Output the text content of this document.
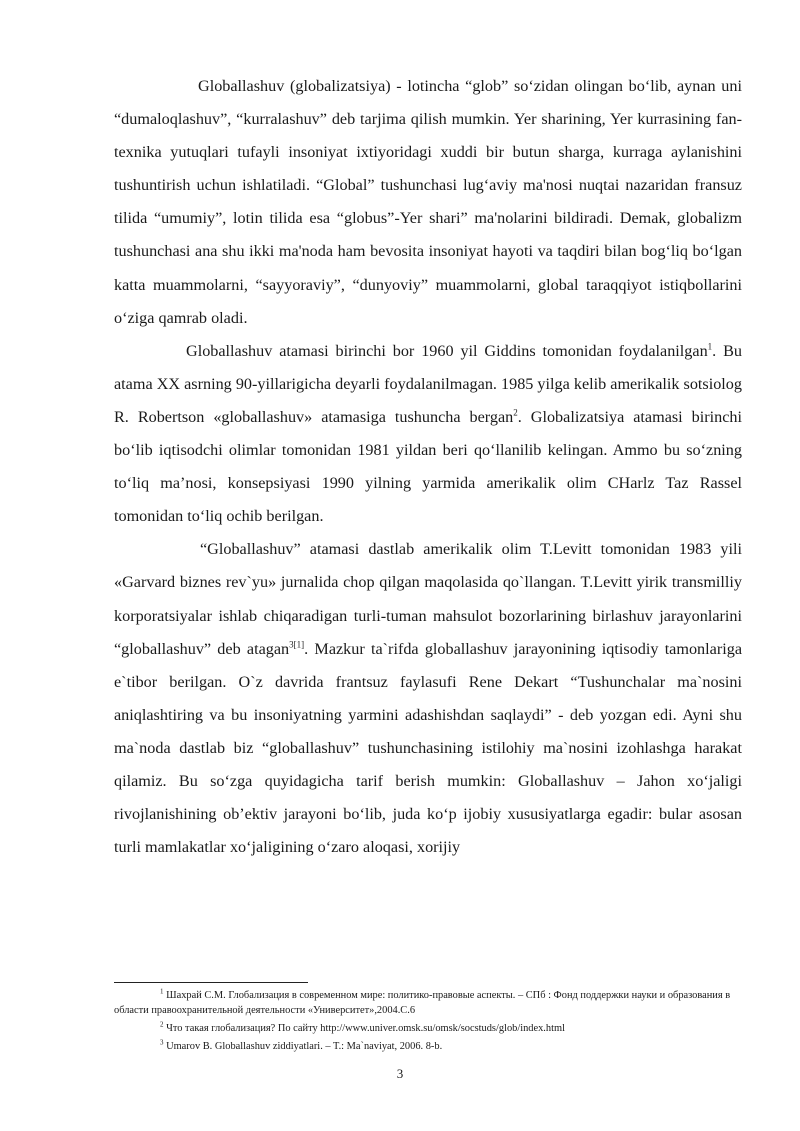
Globallashuv (globalizatsiya) - lotincha “glob” soʻzidan olingan boʻlib, aynan uni “dumaloqlashuv”, “kurralashuv” deb tarjima qilish mumkin. Yer sharining, Yer kurrasining fan-texnika yutuqlari tufayli insoniyat ixtiyoridagi xuddi bir butun sharga, kurraga aylanishini tushuntirish uchun ishlatiladi. “Global” tushunchasi lugʻaviy ma'nosi nuqtai nazaridan fransuz tilida “umumiy”, lotin tilida esa “globus”-Yer shari” ma'nolarini bildiradi. Demak, globalizm tushunchasi ana shu ikki ma'noda ham bevosita insoniyat hayoti va taqdiri bilan bogʻliq boʻlgan katta muammolarni, “sayyoraviy”, “dunyoviy” muammolarni, global taraqqiyot istiqbollarini oʻziga qamrab oladi.

Globallashuv atamasi birinchi bor 1960 yil Giddins tomonidan foydalanilgan$^1$. Bu atama XX asrning 90-yillarigicha deyarli foydalanilmagan. 1985 yilga kelib amerikalik sotsiolog R. Robertson «globallashuv» atamasiga tushuncha bergan$^2$. Globalizatsiya atamasi birinchi boʻlib iqtisodchi olimlar tomonidan 1981 yildan beri qoʻllanilib kelingan. Ammo bu soʻzning toʻliq maʼnosi, konsepsiyasi 1990 yilning yarmida amerikalik olim CHarlz Taz Rassel tomonidan toʻliq ochib berilgan.

“Globallashuv” atamasi dastlab amerikalik olim T.Levitt tomonidan 1983 yili «Garvard biznes rev`yu» jurnalida chop qilgan maqolasida qo`llangan. T.Levitt yirik transmilliy korporatsiyalar ishlab chiqaradigan turli-tuman mahsulot bozorlarining birlashuv jarayonlarini “globallashuv” deb atagan$^{3[1]}$. Mazkur ta`rifda globallashuv jarayonining iqtisodiy tamonlariga e`tibor berilgan. O`z davrida frantsuz faylasufi Rene Dekart “Tushunchalar ma`nosini aniqlashtiring va bu insoniyatning yarmini adashishdan saqlaydi” - deb yozgan edi. Ayni shu ma`noda dastlab biz “globallashuv” tushunchasining istilohiy ma`nosini izohlashga harakat qilamiz. Bu soʻzga quyidagicha tarif berish mumkin: Globallashuv – Jahon xoʻjaligi rivojlanishining obʼektiv jarayoni boʻlib, juda koʻp ijobiy xususiyatlarga egadir: bular asosan turli mamlakatlar xoʻjaligining oʻzaro aloqasi, xorijiy

$^1$ Шахрай С.М. Глобализация в современном мире: политико-правовые аспекты. – СПб : Фонд поддержки науки и образования в области правоохранительной деятельности «Университет»,2004.С.6

$^2$ Что такая глобализация? По сайту http://www.univer.omsk.su/omsk/socstuds/glob/index.html

$^3$ Umarov B. Globallashuv ziddiyatlari. – T.: Ma`naviyat, 2006. 8-b.

3
